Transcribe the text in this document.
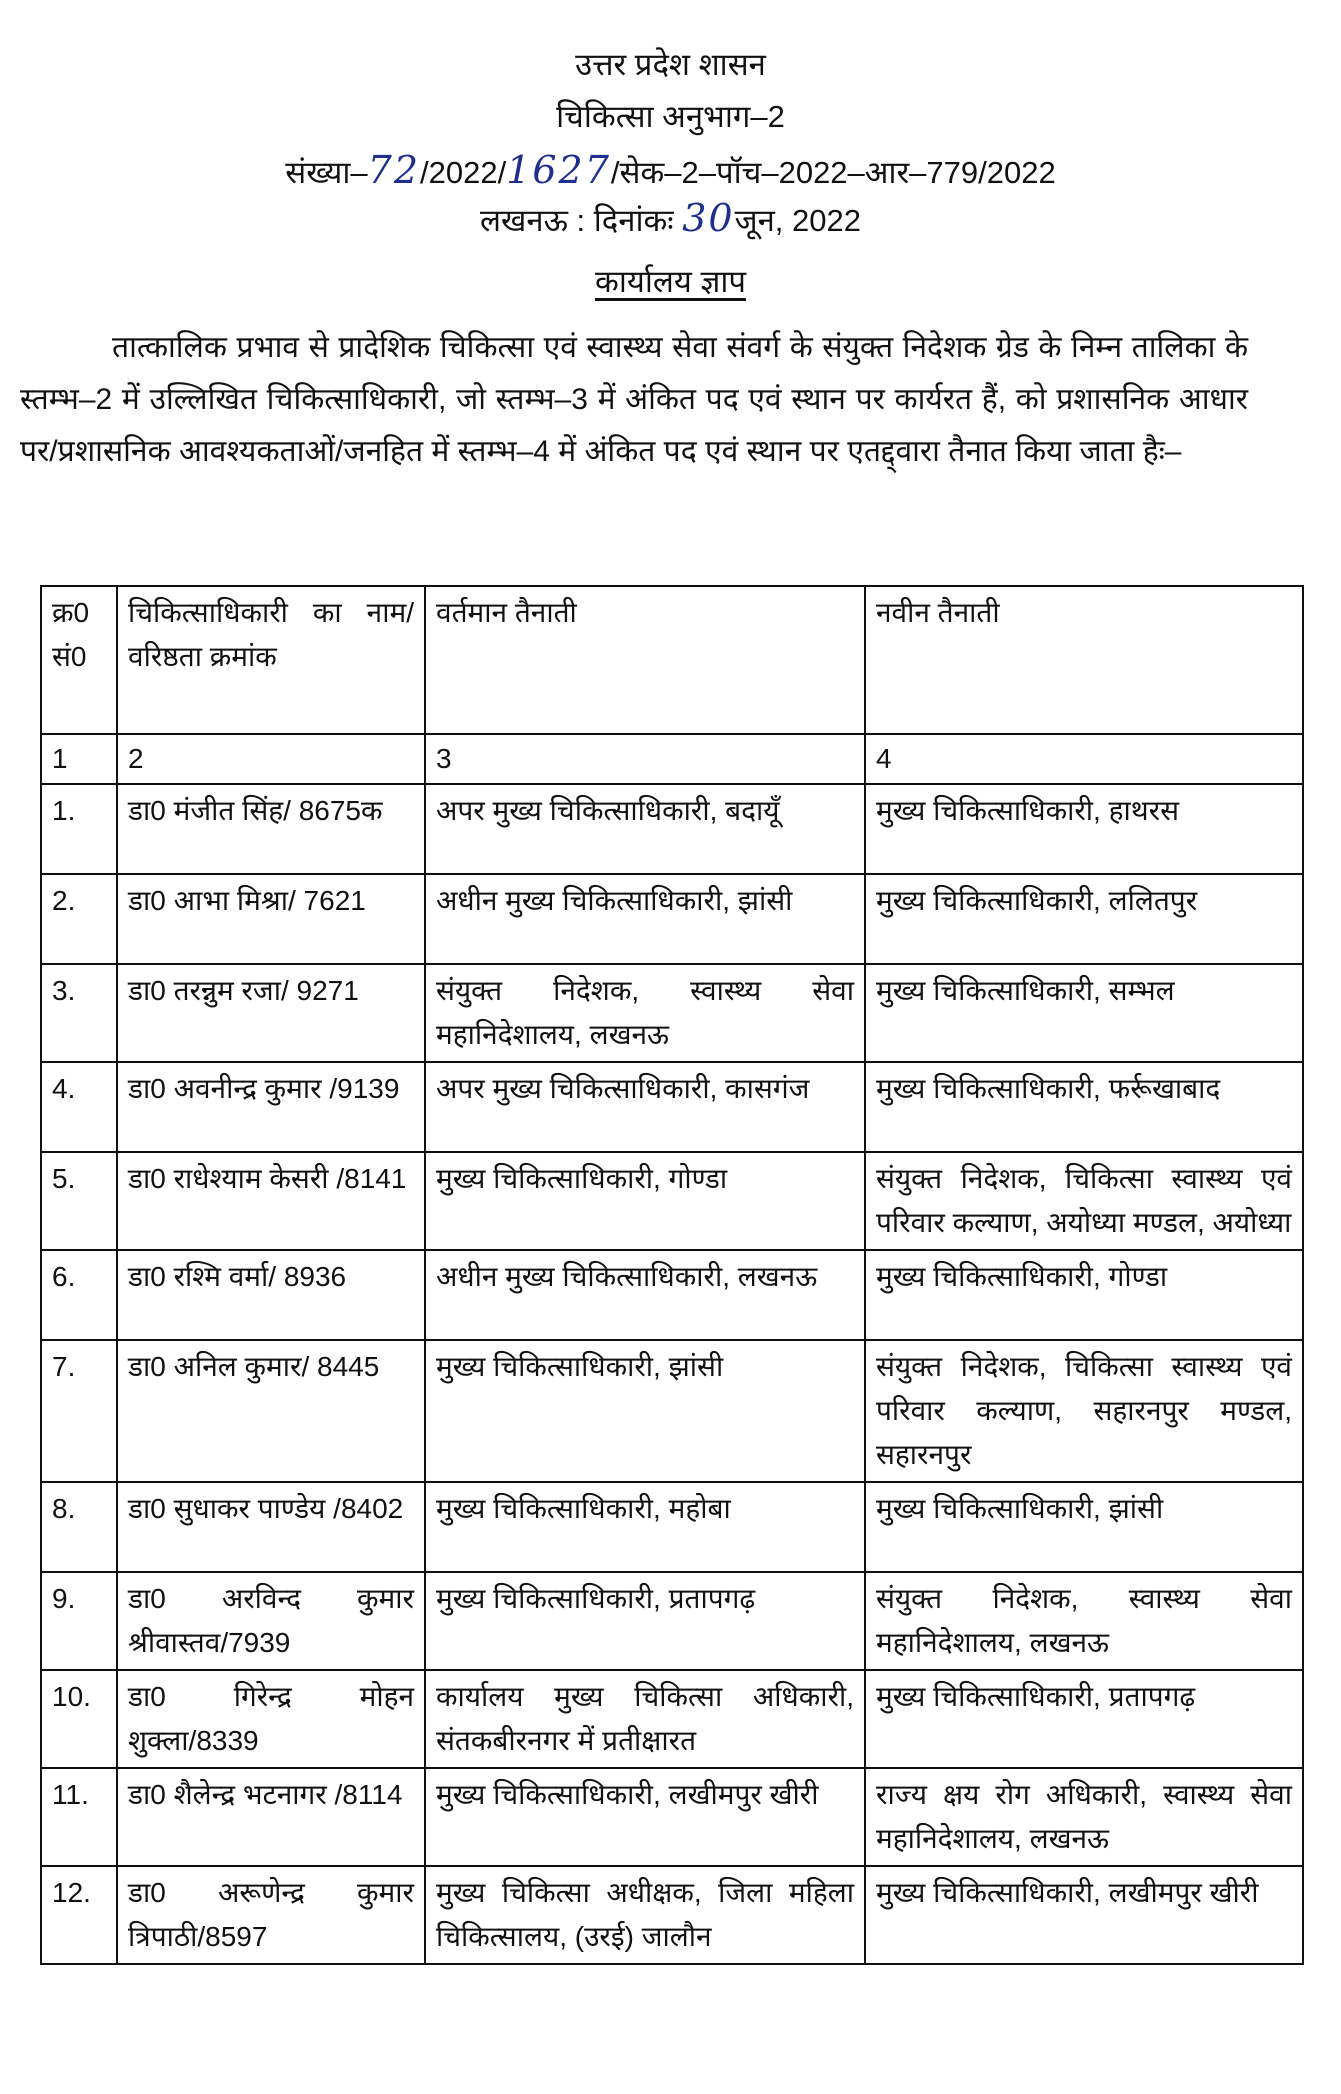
उत्तर प्रदेश शासन
चिकित्सा अनुभाग–2
संख्या–72/2022/1627/सेक–2–पॉच–2022–आर–779/2022
लखनऊ : दिनांकः 30जून, 2022
कार्यालय ज्ञाप
तात्कालिक प्रभाव से प्रादेशिक चिकित्सा एवं स्वास्थ्य सेवा संवर्ग के संयुक्त निदेशक ग्रेड के निम्न तालिका के स्तम्भ–2 में उल्लिखित चिकित्साधिकारी, जो स्तम्भ–3 में अंकित पद एवं स्थान पर कार्यरत हैं, को प्रशासनिक आधार पर/प्रशासनिक आवश्यकताओं/जनहित में स्तम्भ–4 में अंकित पद एवं स्थान पर एतद्द्वारा तैनात किया जाता हैः–
क्र0 सं0	चिकित्साधिकारी का नाम/वरिष्ठता क्रमांक	वर्तमान तैनाती	नवीन तैनाती
1	2	3	4
1.	डा0 मंजीत सिंह/ 8675क	अपर मुख्य चिकित्साधिकारी, बदायूँ	मुख्य चिकित्साधिकारी, हाथरस
2.	डा0 आभा मिश्रा/ 7621	अधीन मुख्य चिकित्साधिकारी, झांसी	मुख्य चिकित्साधिकारी, ललितपुर
3.	डा0 तरन्नुम रजा/ 9271	संयुक्त निदेशक, स्वास्थ्य सेवा महानिदेशालय, लखनऊ	मुख्य चिकित्साधिकारी, सम्भल
4.	डा0 अवनीन्द्र कुमार /9139	अपर मुख्य चिकित्साधिकारी, कासगंज	मुख्य चिकित्साधिकारी, फर्रूखाबाद
5.	डा0 राधेश्याम केसरी /8141	मुख्य चिकित्साधिकारी, गोण्डा	संयुक्त निदेशक, चिकित्सा स्वास्थ्य एवं परिवार कल्याण, अयोध्या मण्डल, अयोध्या
6.	डा0 रश्मि वर्मा/ 8936	अधीन मुख्य चिकित्साधिकारी, लखनऊ	मुख्य चिकित्साधिकारी, गोण्डा
7.	डा0 अनिल कुमार/ 8445	मुख्य चिकित्साधिकारी, झांसी	संयुक्त निदेशक, चिकित्सा स्वास्थ्य एवं परिवार कल्याण, सहारनपुर मण्डल, सहारनपुर
8.	डा0 सुधाकर पाण्डेय /8402	मुख्य चिकित्साधिकारी, महोबा	मुख्य चिकित्साधिकारी, झांसी
9.	डा0 अरविन्द कुमार श्रीवास्तव/7939	मुख्य चिकित्साधिकारी, प्रतापगढ़	संयुक्त निदेशक, स्वास्थ्य सेवा महानिदेशालय, लखनऊ
10.	डा0 गिरेन्द्र मोहन शुक्ला/8339	कार्यालय मुख्य चिकित्सा अधिकारी, संतकबीरनगर में प्रतीक्षारत	मुख्य चिकित्साधिकारी, प्रतापगढ़
11.	डा0 शैलेन्द्र भटनागर /8114	मुख्य चिकित्साधिकारी, लखीमपुर खीरी	राज्य क्षय रोग अधिकारी, स्वास्थ्य सेवा महानिदेशालय, लखनऊ
12.	डा0 अरूणेन्द्र कुमार त्रिपाठी/8597	मुख्य चिकित्सा अधीक्षक, जिला महिला चिकित्सालय, (उरई) जालौन	मुख्य चिकित्साधिकारी, लखीमपुर खीरी
